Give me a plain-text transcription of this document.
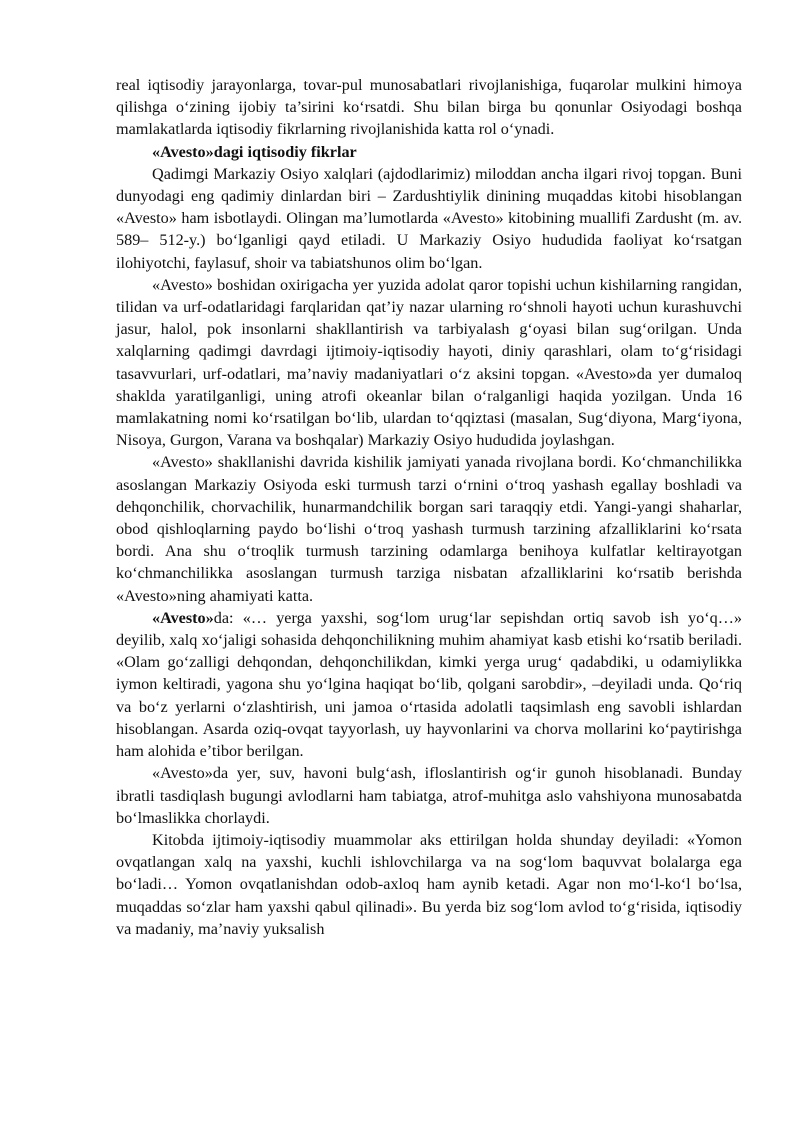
real iqtisodiy jarayonlarga, tovar-pul munosabatlari rivojlanishiga, fuqarolar mulkini himoya qilishga o‘zining ijobiy ta’sirini ko‘rsatdi. Shu bilan birga bu qonunlar Osiyodagi boshqa mamlakatlarda iqtisodiy fikrlarning rivojlanishida katta rol o‘ynadi.

«Avesto»dagi iqtisodiy fikrlar

Qadimgi Markaziy Osiyo xalqlari (ajdodlarimiz) miloddan ancha ilgari rivoj topgan. Buni dunyodagi eng qadimiy dinlardan biri – Zardushtiylik dinining muqaddas kitobi hisoblangan «Avesto» ham isbotlaydi. Olingan ma’lumotlarda «Avesto» kitobining muallifi Zardusht (m. av. 589– 512-y.) bo‘lganligi qayd etiladi. U Markaziy Osiyo hududida faoliyat ko‘rsatgan ilohiyotchi, faylasuf, shoir va tabiatshunos olim bo‘lgan.

«Avesto» boshidan oxirigacha yer yuzida adolat qaror topishi uchun kishilarning rangidan, tilidan va urf-odatlaridagi farqlaridan qat’iy nazar ularning ro‘shnoli hayoti uchun kurashuvchi jasur, halol, pok insonlarni shakllantirish va tarbiyalash g‘oyasi bilan sug‘orilgan. Unda xalqlarning qadimgi davrdagi ijtimoiy-iqtisodiy hayoti, diniy qarashlari, olam to‘g‘risidagi tasavvurlari, urf-odatlari, ma’naviy madaniyatlari o‘z aksini topgan. «Avesto»da yer dumaloq shaklda yaratilganligi, uning atrofi okeanlar bilan o‘ralganligi haqida yozilgan. Unda 16 mamlakatning nomi ko‘rsatilgan bo‘lib, ulardan to‘qqiztasi (masalan, Sug‘diyona, Marg‘iyona, Nisoya, Gurgon, Varana va boshqalar) Markaziy Osiyo hududida joylashgan.

«Avesto» shakllanishi davrida kishilik jamiyati yanada rivojlana bordi. Ko‘chmanchilikka asoslangan Markaziy Osiyoda eski turmush tarzi o‘rnini o‘troq yashash egallay boshladi va dehqonchilik, chorvachilik, hunarmandchilik borgan sari taraqqiy etdi. Yangi-yangi shaharlar, obod qishloqlarning paydo bo‘lishi o‘troq yashash turmush tarzining afzalliklarini ko‘rsata bordi. Ana shu o‘troqlik turmush tarzining odamlarga benihoya kulfatlar keltirayotgan ko‘chmanchilikka asoslangan turmush tarziga nisbatan afzalliklarini ko‘rsatib berishda «Avesto»ning ahamiyati katta.

«Avesto»da: «… yerga yaxshi, sog‘lom urug‘lar sepishdan ortiq savob ish yo‘q…» deyilib, xalq xo‘jaligi sohasida dehqonchilikning muhim ahamiyat kasb etishi ko‘rsatib beriladi. «Olam go‘zalligi dehqondan, dehqonchilikdan, kimki yerga urug‘ qadabdiki, u odamiylikka iymon keltiradi, yagona shu yo‘lgina haqiqat bo‘lib, qolgani sarobdir», –deyiladi unda. Qo‘riq va bo‘z yerlarni o‘zlashtirish, uni jamoa o‘rtasida adolatli taqsimlash eng savobli ishlardan hisoblangan. Asarda oziq-ovqat tayyorlash, uy hayvonlarini va chorva mollarini ko‘paytirishga ham alohida e’tibor berilgan.

«Avesto»da yer, suv, havoni bulg‘ash, ifloslantirish og‘ir gunoh hisoblanadi. Bunday ibratli tasdiqlash bugungi avlodlarni ham tabiatga, atrof-muhitga aslo vahshiyona munosabatda bo‘lmaslikka chorlaydi.

Kitobda ijtimoiy-iqtisodiy muammolar aks ettirilgan holda shunday deyiladi: «Yomon ovqatlangan xalq na yaxshi, kuchli ishlovchilarga va na sog‘lom baquvvat bolalarga ega bo‘ladi… Yomon ovqatlanishdan odob-axloq ham aynib ketadi. Agar non mo‘l-ko‘l bo‘lsa, muqaddas so‘zlar ham yaxshi qabul qilinadi». Bu yerda biz sog‘lom avlod to‘g‘risida, iqtisodiy va madaniy, ma’naviy yuksalish
